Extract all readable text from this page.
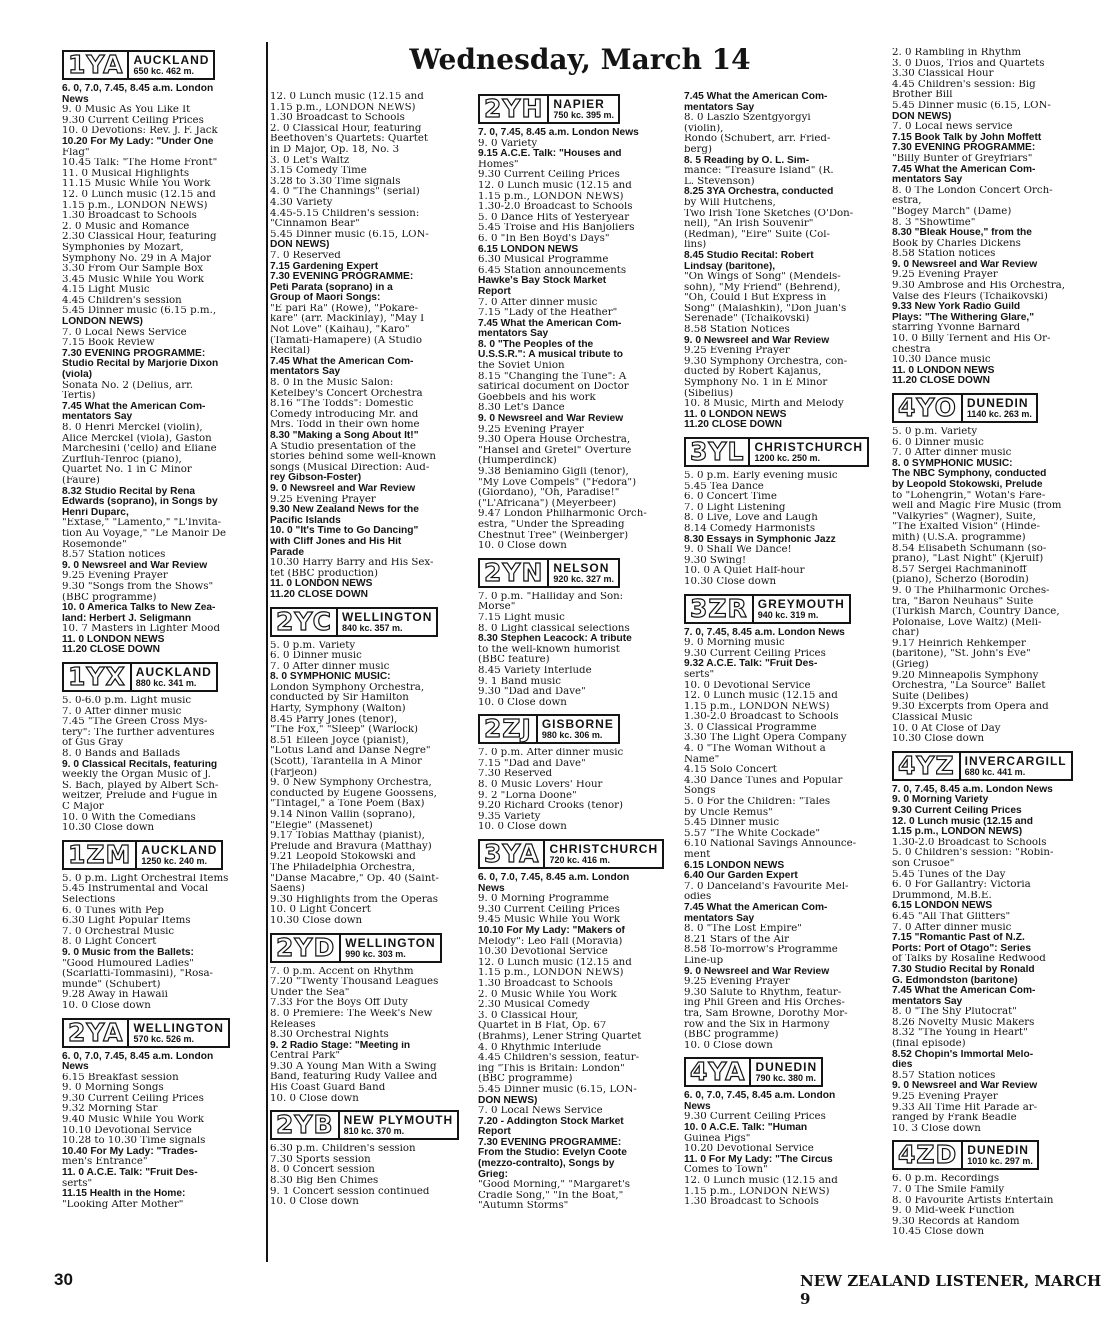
Wednesday, March 14
1YA AUCKLAND
650 kc. 462 m.
6. 0, 7.0, 7.45, 8.45 a.m. London
News
9. 0 Music As You Like It
9.30 Current Ceiling Prices
10. 0 Devotions: Rev. J. F. Jack
10.20 For My Lady: "Under One
Flag"
10.45 Talk: "The Home Front"
11. 0 Musical Highlights
11.15 Music While You Work
12. 0 Lunch music (12.15 and
1.15 p.m., LONDON NEWS)
1.30 Broadcast to Schools
2. 0 Music and Romance
2.30 Classical Hour, featuring
Symphonies by Mozart,
Symphony No. 29 in A Major
3.30 From Our Sample Box
3.45 Music While You Work
4.15 Light Music
4.45 Children's session
5.45 Dinner music (6.15 p.m.,
LONDON NEWS)
7. 0 Local News Service
7.15 Book Review
7.30 EVENING PROGRAMME:
Studio Recital by Marjorie Dixon
(viola)
Sonata No. 2 (Delius, arr.
Tertis)
7.45 What the American Com-
mentators Say
8. 0 Henri Merckel (violin),
Alice Merckel (viola), Gaston
Marchesini ('cello) and Eliane
Zurfluh-Tenroc (piano),
Quartet No. 1 in C Minor
(Faure)
8.32 Studio Recital by Rena
Edwards (soprano), in Songs by
Henri Duparc,
"Extase," "Lamento," "L'Invita-
tion Au Voyage," "Le Manoir De
Rosemonde"
8.57 Station notices
9. 0 Newsreel and War Review
9.25 Evening Prayer
9.30 "Songs from the Shows"
(BBC programme)
10. 0 America Talks to New Zea-
land: Herbert J. Seligmann
10. 7 Masters in Lighter Mood
11. 0 LONDON NEWS
11.20 CLOSE DOWN
1YX AUCKLAND
880 kc. 341 m.
5. 0-6.0 p.m. Light music
7. 0 After dinner music
7.45 "The Green Cross Mys-
tery": The further adventures
of Gus Gray
8. 0 Bands and Ballads
9. 0 Classical Recitals, featuring
weekly the Organ Music of J.
S. Bach, played by Albert Sch-
weitzer, Prelude and Fugue in
C Major
10. 0 With the Comedians
10.30 Close down
1ZM AUCKLAND
1250 kc. 240 m.
5. 0 p.m. Light Orchestral Items
5.45 Instrumental and Vocal
Selections
6. 0 Tunes with Pep
6.30 Light Popular Items
7. 0 Orchestral Music
8. 0 Light Concert
9. 0 Music from the Ballets:
"Good Humoured Ladies"
(Scarlatti-Tommasini), "Rosa-
munde" (Schubert)
9.28 Away in Hawaii
10. 0 Close down
2YA WELLINGTON
570 kc. 526 m.
6. 0, 7.0, 7.45, 8.45 a.m. London
News
6.15 Breakfast session
9. 0 Morning Songs
9.30 Current Ceiling Prices
9.32 Morning Star
9.40 Music While You Work
10.10 Devotional Service
10.28 to 10.30 Time signals
10.40 For My Lady: "Trades-
men's Entrance"
11. 0 A.C.E. Talk: "Fruit Des-
serts"
11.15 Health in the Home:
"Looking After Mother"
12. 0 Lunch music (12.15 and
1.15 p.m., LONDON NEWS)
1.30 Broadcast to Schools
2. 0 Classical Hour, featuring
Beethoven's Quartets: Quartet
in D Major, Op. 18, No. 3
3. 0 Let's Waltz
3.15 Comedy Time
3.28 to 3.30 Time signals
4. 0 "The Channings" (serial)
4.30 Variety
4.45-5.15 Children's session:
"Cinnamon Bear"
5.45 Dinner music (6.15, LON-
DON NEWS)
7. 0 Reserved
7.15 Gardening Expert
7.30 EVENING PROGRAMME:
Peti Parata (soprano) in a
Group of Maori Songs:
"E pari Ra" (Rowe), "Pokare-
kare" (arr. Mackinlay), "May I
Not Love" (Kaihau), "Karo"
(Tamati-Hamapere) (A Studio
Recital)
7.45 What the American Com-
mentators Say
8. 0 In the Music Salon:
Ketelbey's Concert Orchestra
8.16 "The Todds": Domestic
Comedy introducing Mr. and
Mrs. Todd in their own home
8.30 "Making a Song About It!"
A Studio presentation of the
stories behind some well-known
songs (Musical Direction: Aud-
rey Gibson-Foster)
9. 0 Newsreel and War Review
9.25 Evening Prayer
9.30 New Zealand News for the
Pacific Islands
10. 0 "It's Time to Go Dancing"
with Cliff Jones and His Hit
Parade
10.30 Harry Barry and His Sex-
tet (BBC production)
11. 0 LONDON NEWS
11.20 CLOSE DOWN
2YC WELLINGTON
840 kc. 357 m.
5. 0 p.m. Variety
6. 0 Dinner music
7. 0 After dinner music
8. 0 SYMPHONIC MUSIC:
London Symphony Orchestra,
conducted by Sir Hamilton
Harty, Symphony (Walton)
8.45 Parry Jones (tenor),
"The Fox," "Sleep" (Warlock)
8.51 Eileen Joyce (pianist),
"Lotus Land and Danse Negre"
(Scott), Tarantella in A Minor
(Farjeon)
9. 0 New Symphony Orchestra,
conducted by Eugene Goossens,
"Tintagel," a Tone Poem (Bax)
9.14 Ninon Vallin (soprano),
"Elegie" (Massenet)
9.17 Tobias Matthay (pianist),
Prelude and Bravura (Matthay)
9.21 Leopold Stokowski and
The Philadelphia Orchestra,
"Danse Macabre," Op. 40 (Saint-
Saens)
9.30 Highlights from the Operas
10. 0 Light Concert
10.30 Close down
2YD WELLINGTON
990 kc. 303 m.
7. 0 p.m. Accent on Rhythm
7.20 "Twenty Thousand Leagues
Under the Sea"
7.33 For the Boys Off Duty
8. 0 Premiere: The Week's New
Releases
8.30 Orchestral Nights
9. 2 Radio Stage: "Meeting in
Central Park"
9.30 A Young Man With a Swing
Band, featuring Rudy Vallee and
His Coast Guard Band
10. 0 Close down
2YB NEW PLYMOUTH
810 kc. 370 m.
6.30 p.m. Children's session
7.30 Sports session
8. 0 Concert session
8.30 Big Ben Chimes
9. 1 Concert session continued
10. 0 Close down
2YH NAPIER
750 kc. 395 m.
7. 0, 7.45, 8.45 a.m. London News
9. 0 Variety
9.15 A.C.E. Talk: "Houses and
Homes"
9.30 Current Ceiling Prices
12. 0 Lunch music (12.15 and
1.15 p.m., LONDON NEWS)
1.30-2.0 Broadcast to Schools
5. 0 Dance Hits of Yesteryear
5.45 Troise and His Banjoliers
6. 0 "In Ben Boyd's Days"
6.15 LONDON NEWS
6.30 Musical Programme
6.45 Station announcements
Hawke's Bay Stock Market
Report
7. 0 After dinner music
7.15 "Lady of the Heather"
7.45 What the American Com-
mentators Say
8. 0 "The Peoples of the
U.S.S.R.": A musical tribute to
the Soviet Union
8.15 "Changing the Tune": A
satirical document on Doctor
Goebbels and his work
8.30 Let's Dance
9. 0 Newsreel and War Review
9.25 Evening Prayer
9.30 Opera House Orchestra,
"Hansel and Gretel" Overture
(Humperdinck)
9.38 Beniamino Gigli (tenor),
"My Love Compels" ("Fedora")
(Giordano), "Oh, Paradise!"
("L'Africana") (Meyerbeer)
9.47 London Philharmonic Orch-
estra, "Under the Spreading
Chestnut Tree" (Weinberger)
10. 0 Close down
2YN NELSON
920 kc. 327 m.
7. 0 p.m. "Halliday and Son:
Morse"
7.15 Light music
8. 0 Light classical selections
8.30 Stephen Leacock: A tribute
to the well-known humorist
(BBC feature)
8.45 Variety Interlude
9. 1 Band music
9.30 "Dad and Dave"
10. 0 Close down
2ZJ GISBORNE
980 kc. 306 m.
7. 0 p.m. After dinner music
7.15 "Dad and Dave"
7.30 Reserved
8. 0 Music Lovers' Hour
9. 2 "Lorna Doone"
9.20 Richard Crooks (tenor)
9.35 Variety
10. 0 Close down
3YA CHRISTCHURCH
720 kc. 416 m.
6. 0, 7.0, 7.45, 8.45 a.m. London
News
9. 0 Morning Programme
9.30 Current Ceiling Prices
9.45 Music While You Work
10.10 For My Lady: "Makers of
Melody": Leo Fall (Moravia)
10.30 Devotional Service
12. 0 Lunch music (12.15 and
1.15 p.m., LONDON NEWS)
1.30 Broadcast to Schools
2. 0 Music While You Work
2.30 Musical Comedy
3. 0 Classical Hour,
Quartet in B Flat, Op. 67
(Brahms), Lener String Quartet
4. 0 Rhythmic Interlude
4.45 Children's session, featur-
ing "This is Britain: London"
(BBC programme)
5.45 Dinner music (6.15, LON-
DON NEWS)
7. 0 Local News Service
7.20 - Addington Stock Market
Report
7.30 EVENING PROGRAMME:
From the Studio: Evelyn Coote
(mezzo-contralto), Songs by
Grieg:
"Good Morning," "Margaret's
Cradle Song," "In the Boat,"
"Autumn Storms"
7.45 What the American Com-
mentators Say
8. 0 Laszlo Szentgyorgyi
(violin),
Rondo (Schubert, arr. Fried-
berg)
8. 5 Reading by O. L. Sim-
mance: "Treasure Island" (R.
L. Stevenson)
8.25 3YA Orchestra, conducted
by Will Hutchens,
Two Irish Tone Sketches (O'Don-
nell), "An Irish Souvenir"
(Redman), "Eire" Suite (Col-
lins)
8.45 Studio Recital: Robert
Lindsay (baritone),
"On Wings of Song" (Mendels-
sohn), "My Friend" (Behrend),
"Oh, Could I But Express in
Song" (Malashkin), "Don Juan's
Serenade" (Tchaikovski)
8.58 Station Notices
9. 0 Newsreel and War Review
9.25 Evening Prayer
9.30 Symphony Orchestra, con-
ducted by Robert Kajanus,
Symphony No. 1 in E Minor
(Sibelius)
10. 8 Music, Mirth and Melody
11. 0 LONDON NEWS
11.20 CLOSE DOWN
3YL CHRISTCHURCH
1200 kc. 250 m.
5. 0 p.m. Early evening music
5.45 Tea Dance
6. 0 Concert Time
7. 0 Light Listening
8. 0 Live, Love and Laugh
8.14 Comedy Harmonists
8.30 Essays in Symphonic Jazz
9. 0 Shall We Dance!
9.30 Swing!
10. 0 A Quiet Half-hour
10.30 Close down
3ZR GREYMOUTH
940 kc. 319 m.
7. 0, 7.45, 8.45 a.m. London News
9. 0 Morning music
9.30 Current Ceiling Prices
9.32 A.C.E. Talk: "Fruit Des-
serts"
10. 0 Devotional Service
12. 0 Lunch music (12.15 and
1.15 p.m., LONDON NEWS)
1.30-2.0 Broadcast to Schools
3. 0 Classical Programme
3.30 The Light Opera Company
4. 0 "The Woman Without a
Name"
4.15 Solo Concert
4.30 Dance Tunes and Popular
Songs
5. 0 For the Children: "Tales
by Uncle Remus"
5.45 Dinner music
5.57 "The White Cockade"
6.10 National Savings Announce-
ment
6.15 LONDON NEWS
6.40 Our Garden Expert
7. 0 Danceland's Favourite Mel-
odies
7.45 What the American Com-
mentators Say
8. 0 "The Lost Empire"
8.21 Stars of the Air
8.58 To-morrow's Programme
Line-up
9. 0 Newsreel and War Review
9.25 Evening Prayer
9.30 Salute to Rhythm, featur-
ing Phil Green and His Orches-
tra, Sam Browne, Dorothy Mor-
row and the Six in Harmony
(BBC programme)
10. 0 Close down
4YA DUNEDIN
790 kc. 380 m.
6. 0, 7.0, 7.45, 8.45 a.m. London
News
9.30 Current Ceiling Prices
10. 0 A.C.E. Talk: "Human
Guinea Pigs"
10.20 Devotional Service
11. 0 For My Lady: "The Circus
Comes to Town"
12. 0 Lunch music (12.15 and
1.15 p.m., LONDON NEWS)
1.30 Broadcast to Schools
2. 0 Rambling in Rhythm
3. 0 Duos, Trios and Quartets
3.30 Classical Hour
4.45 Children's session: Big
Brother Bill
5.45 Dinner music (6.15, LON-
DON NEWS)
7. 0 Local news service
7.15 Book Talk by John Moffett
7.30 EVENING PROGRAMME:
"Billy Bunter of Greyfriars"
7.45 What the American Com-
mentators Say
8. 0 The London Concert Orch-
estra,
"Bogey March" (Dame)
8. 3 "Showtime"
8.30 "Bleak House," from the
Book by Charles Dickens
8.58 Station notices
9. 0 Newsreel and War Review
9.25 Evening Prayer
9.30 Ambrose and His Orchestra,
Valse des Fleurs (Tchaikovski)
9.33 New York Radio Guild
Plays: "The Withering Glare,"
starring Yvonne Barnard
10. 0 Billy Ternent and His Or-
chestra
10.30 Dance music
11. 0 LONDON NEWS
11.20 CLOSE DOWN
4YO DUNEDIN
1140 kc. 263 m.
5. 0 p.m. Variety
6. 0 Dinner music
7. 0 After dinner music
8. 0 SYMPHONIC MUSIC:
The NBC Symphony, conducted
by Leopold Stokowski, Prelude
to "Lohengrin," Wotan's Fare-
well and Magic Fire Music (from
"Valkyries" (Wagner), Suite,
"The Exalted Vision" (Hinde-
mith) (U.S.A. programme)
8.54 Elisabeth Schumann (so-
prano), "Last Night" (Kjerulf)
8.57 Sergei Rachmaninoff
(piano), Scherzo (Borodin)
9. 0 The Philharmonic Orches-
tra, "Baron Neuhaus" Suite
(Turkish March, Country Dance,
Polonaise, Love Waltz) (Meli-
char)
9.17 Heinrich Rehkemper
(baritone), "St. John's Eve"
(Grieg)
9.20 Minneapolis Symphony
Orchestra, "La Source" Ballet
Suite (Delibes)
9.30 Excerpts from Opera and
Classical Music
10. 0 At Close of Day
10.30 Close down
4YZ INVERCARGILL
680 kc. 441 m.
7. 0, 7.45, 8.45 a.m. London News
9. 0 Morning Variety
9.30 Current Ceiling Prices
12. 0 Lunch music (12.15 and
1.15 p.m., LONDON NEWS)
1.30-2.0 Broadcast to Schools
5. 0 Children's session: "Robin-
son Crusoe"
5.45 Tunes of the Day
6. 0 For Gallantry: Victoria
Drummond, M.B.E.
6.15 LONDON NEWS
6.45 "All That Glitters"
7. 0 After dinner music
7.15 "Romantic Past of N.Z.
Ports: Port of Otago": Series
of Talks by Rosaline Redwood
7.30 Studio Recital by Ronald
G. Edmondston (baritone)
7.45 What the American Com-
mentators Say
8. 0 "The Shy Plutocrat"
8.26 Novelty Music Makers
8.32 "The Young in Heart"
(final episode)
8.52 Chopin's Immortal Melo-
dies
8.57 Station notices
9. 0 Newsreel and War Review
9.25 Evening Prayer
9.33 All Time Hit Parade ar-
ranged by Frank Beadle
10. 3 Close down
4ZD DUNEDIN
1010 kc. 297 m.
6. 0 p.m. Recordings
7. 0 The Smile Family
8. 0 Favourite Artists Entertain
9. 0 Mid-week Function
9.30 Records at Random
10.45 Close down
30	NEW ZEALAND LISTENER, MARCH 9
